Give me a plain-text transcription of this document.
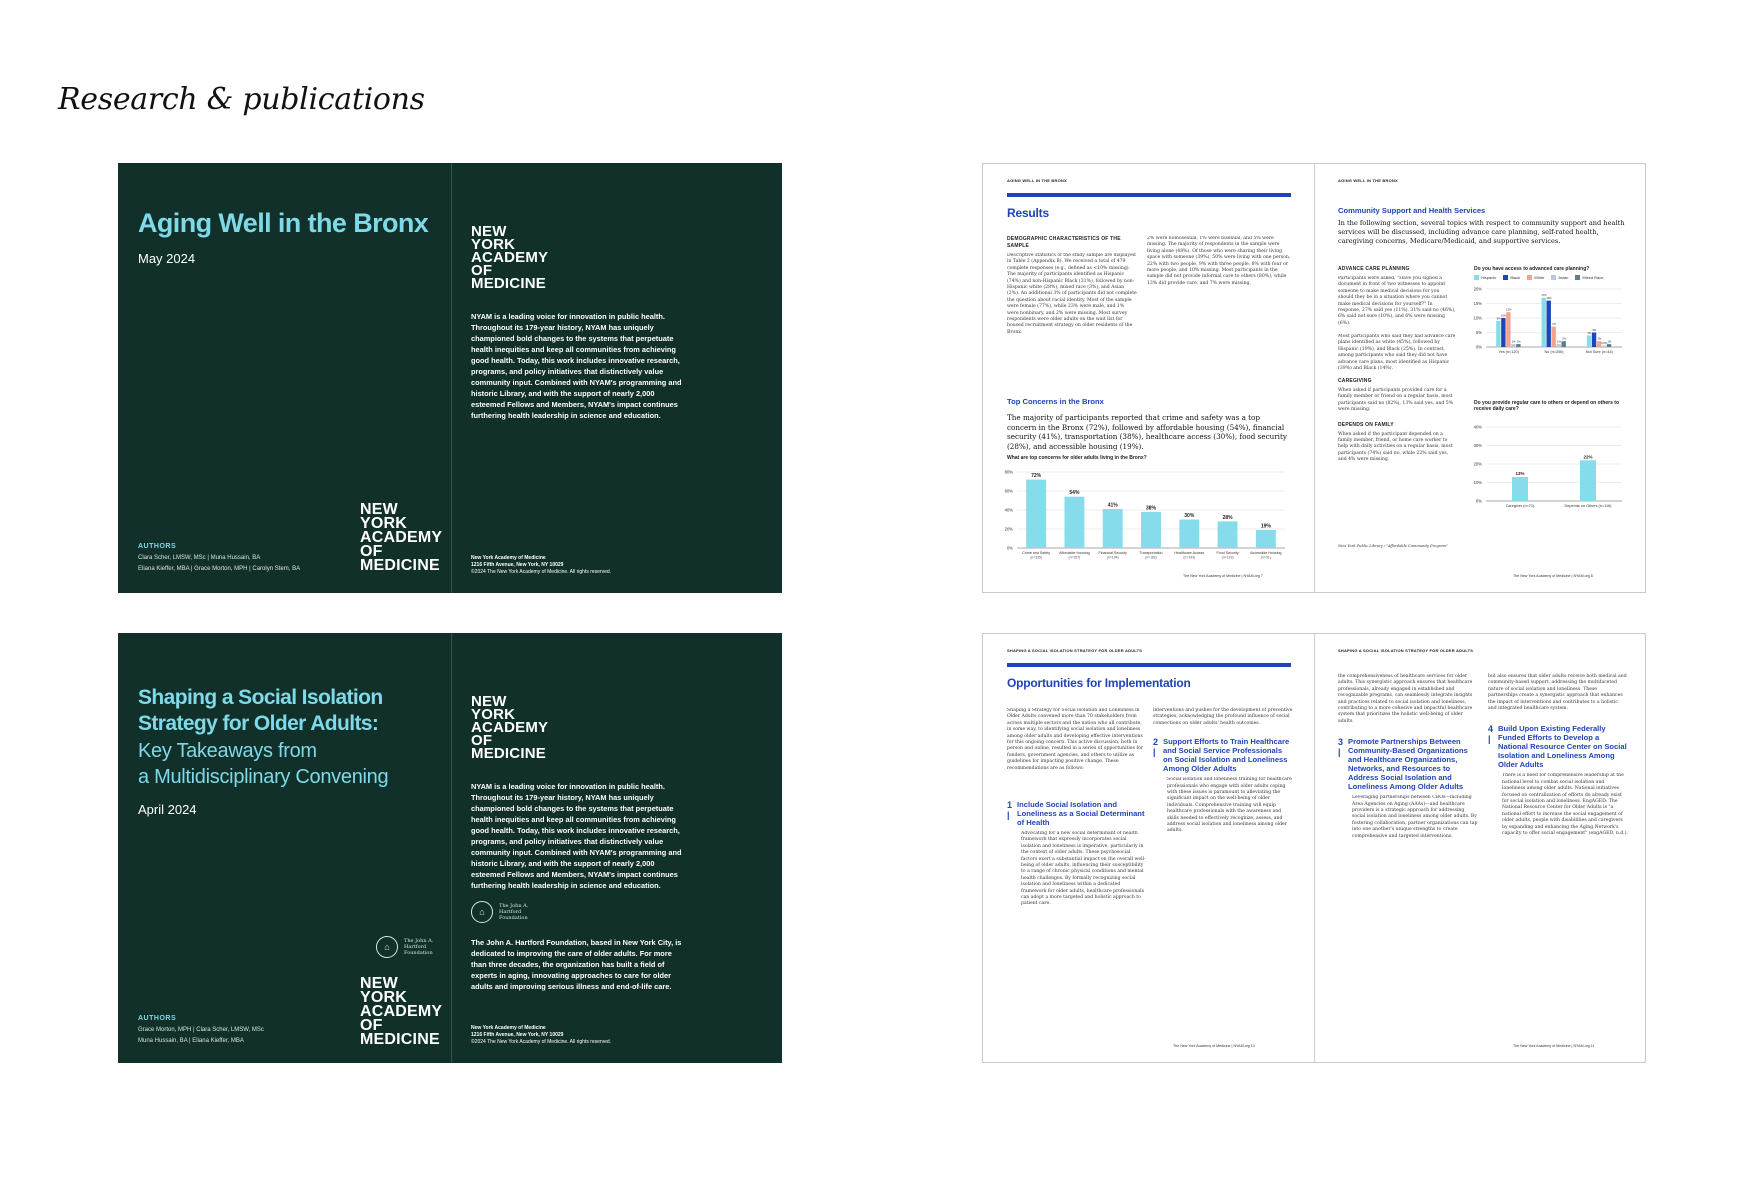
Research & publications
Aging Well in the Bronx
May 2024
NEW
YORK
ACADEMY
OF
MEDICINE
AUTHORS
Clara Scher, LMSW, MSc | Muna Hussain, BA
Eliana Kieffer, MBA | Grace Morton, MPH | Carolyn Stem, BA
NEW
YORK
ACADEMY
OF
MEDICINE
NYAM is a leading voice for innovation in public health. Throughout its 179-year history, NYAM has uniquely championed bold changes to the systems that perpetuate health inequities and keep all communities from achieving good health. Today, this work includes innovative research, programs, and policy initiatives that distinctively value community input. Combined with NYAM's programming and historic Library, and with the support of nearly 2,000 esteemed Fellows and Members, NYAM's impact continues furthering health leadership in science and education.
New York Academy of Medicine
1216 Fifth Avenue, New York, NY 10029
©2024 The New York Academy of Medicine. All rights reserved.
Shaping a Social Isolation
Strategy for Older Adults:
Key Takeaways from
a Multidisciplinary Convening
April 2024
⌂
The John A. Hartford Foundation
NEW
YORK
ACADEMY
OF
MEDICINE
AUTHORS
Grace Morton, MPH | Clara Scher, LMSW, MSc
Muna Hussain, BA | Eliana Kieffer, MBA
NEW
YORK
ACADEMY
OF
MEDICINE
NYAM is a leading voice for innovation in public health. Throughout its 179-year history, NYAM has uniquely championed bold changes to the systems that perpetuate health inequities and keep all communities from achieving good health. Today, this work includes innovative research, programs, and policy initiatives that distinctively value community input. Combined with NYAM's programming and historic Library, and with the support of nearly 2,000 esteemed Fellows and Members, NYAM's impact continues furthering health leadership in science and education.
⌂
The John A. Hartford Foundation
The John A. Hartford Foundation, based in New York City, is dedicated to improving the care of older adults. For more than three decades, the organization has built a field of experts in aging, innovating approaches to care for older adults and improving serious illness and end-of-life care.
New York Academy of Medicine
1216 Fifth Avenue, New York, NY 10029
©2024 The New York Academy of Medicine. All rights reserved.
AGING WELL IN THE BRONX
Results
DEMOGRAPHIC CHARACTERISTICS OF THE SAMPLE
Descriptive statistics of the study sample are displayed in Table 2 (Appendix B). We received a total of 479 complete responses (e.g., defined as <10% missing). The majority of participants identified as Hispanic (74%) and non-Hispanic Black (31%), followed by non-Hispanic white (28%), mixed race (3%), and Asian (2%). An additional 3% of participants did not complete the question about racial identity. Most of the sample were female (77%), while 23% were male, and 1% were nonbinary, and 2% were missing. Most survey respondents were older adults on the wait list for housed recruitment strategy on older residents of the Bronx.
2% were homosexual, 1% were bisexual, and 5% were missing. The majority of respondents in the sample were living alone (48%). Of those who were sharing their living space with someone (39%), 50% were living with one person, 22% with two people, 9% with three people, 8% with four or more people, and 10% missing. Most participants in the sample did not provide informal care to others (80%), while 13% did provide care, and 7% were missing.
Top Concerns in the Bronx
The majority of participants reported that crime and safety was a top concern in the Bronx (72%), followed by affordable housing (54%), financial security (41%), transportation (38%), healthcare access (30%), food security (28%), and accessible housing (19%).
What are top concerns for older adults living in the Bronx?
0%
20%
40%
60%
80%
72%
Crime and Safety
(n=335)
54%
Affordable Housing
(n=257)
41%
Financial Security
(n=194)
38%
Transportation
(n=182)
30%
Healthcare Access
(n=143)
28%
Food Security
(n=133)
19%
Accessible Housing
(n=91)
The New York Academy of Medicine | NYAM.org 7
AGING WELL IN THE BRONX
Community Support and Health Services
In the following section, several topics with respect to community support and health services will be discussed, including advance care planning, self-rated health, caregiving concerns, Medicare/Medicaid, and supportive services.
ADVANCE CARE PLANNING
Participants were asked, "Have you signed a document in front of two witnesses to appoint someone to make medical decisions for you should they be in a situation where you cannot make medical decisions for yourself?" In response, 27% said yes (11%), 31% said no (46%), 6% said not sure (10%), and 6% were missing (6%).
Most participants who said they had advance care plans identified as white (45%), followed by Hispanic (19%), and Black (25%). In contrast, among participants who said they did not have advance care plans, most identified as Hispanic (39%) and Black (14%).
CAREGIVING
When asked if participants provided care for a family member or friend on a regular basis, most participants said no (82%), 13% said yes, and 5% were missing.
DEPENDS ON FAMILY
When asked if the participant depended on a family member, friend, or home care worker to help with daily activities on a regular basis, most participants (74%) said no, while 22% said yes, and 4% were missing.
Do you have access to advanced care planning?
Hispanic	Black	White	Asian	Mixed Race
0%
5%
10%
15%
20%
9%
10%
12%
1% 1%
Yes (n=120)
17%
16%
7%
1%
2%
No (n=206)
4%
5%
2%
0.5% 1%
Not Sure (n=44)
Do you provide regular care to others or depend on others to receive daily care?
0%
10%
20%
30%
40%
13%
Caregiver (n=71)
22%
Depends on Others (n=116)
New York Public Library / "Affordable Community Program"
The New York Academy of Medicine | NYAM.org 8
SHAPING A SOCIAL ISOLATION STRATEGY FOR OLDER ADULTS
Opportunities for Implementation
Shaping a Strategy for Social Isolation and Loneliness in Older Adults convened more than 70 stakeholders from across multiple sectors and the nation who all contribute, in some way, to identifying social isolation and loneliness among older adults and developing effective interventions for this ongoing concern. This active discussion, both in person and online, resulted in a series of opportunities for funders, government agencies, and others to utilize as guidelines for impacting positive change. These recommendations are as follows:
1 |
Include Social Isolation and Loneliness as a Social Determinant of Health
Advocating for a new social determinant of health framework that expressly incorporates social isolation and loneliness is imperative, particularly in the context of older adults. These psychosocial factors exert a substantial impact on the overall well-being of older adults, influencing their susceptibility to a range of chronic physical conditions and mental health challenges. By formally recognizing social isolation and loneliness within a dedicated framework for older adults, healthcare professionals can adopt a more targeted and holistic approach to patient care.
interventions and pushes for the development of preventive strategies, acknowledging the profound influence of social connections on older adults' health outcomes.
2 |
Support Efforts to Train Healthcare and Social Service Professionals on Social Isolation and Loneliness Among Older Adults
Social isolation and loneliness training for healthcare professionals who engage with older adults coping with these issues is paramount to alleviating the significant impact on the well-being of older individuals. Comprehensive training will equip healthcare professionals with the awareness and skills needed to effectively recognize, assess, and address social isolation and loneliness among older adults.
The New York Academy of Medicine | NYAM.org 10
SHAPING A SOCIAL ISOLATION STRATEGY FOR OLDER ADULTS
the comprehensiveness of healthcare services for older adults. This synergistic approach ensures that healthcare professionals, already engaged in established and recognizable programs, can seamlessly integrate insights and practices related to social isolation and loneliness, contributing to a more cohesive and impactful healthcare system that prioritizes the holistic well-being of older adults.
3 |
Promote Partnerships Between Community-Based Organizations and Healthcare Organizations, Networks, and Resources to Address Social Isolation and Loneliness Among Older Adults
Leveraging partnerships between CBOs—including Area Agencies on Aging (AAAs)—and healthcare providers is a strategic approach for addressing social isolation and loneliness among older adults. By fostering collaboration, partner organizations can tap into one another's unique strengths to create comprehensive and targeted interventions.
but also ensures that older adults receive both medical and community-based support, addressing the multifaceted nature of social isolation and loneliness. These partnerships create a synergistic approach that enhances the impact of interventions and contributes to a holistic and integrated healthcare system.
4 |
Build Upon Existing Federally Funded Efforts to Develop a National Resource Center on Social Isolation and Loneliness Among Older Adults
There is a need for comprehensive leadership at the national level to combat social isolation and loneliness among older adults. National initiatives focused on centralization of efforts do already exist for social isolation and loneliness. EngAGED: The National Resource Center for Older Adults is "a national effort to increase the social engagement of older adults, people with disabilities and caregivers by expanding and enhancing the Aging Network's capacity to offer social engagement" (engAGED, n.d.).
The New York Academy of Medicine | NYAM.org 11
